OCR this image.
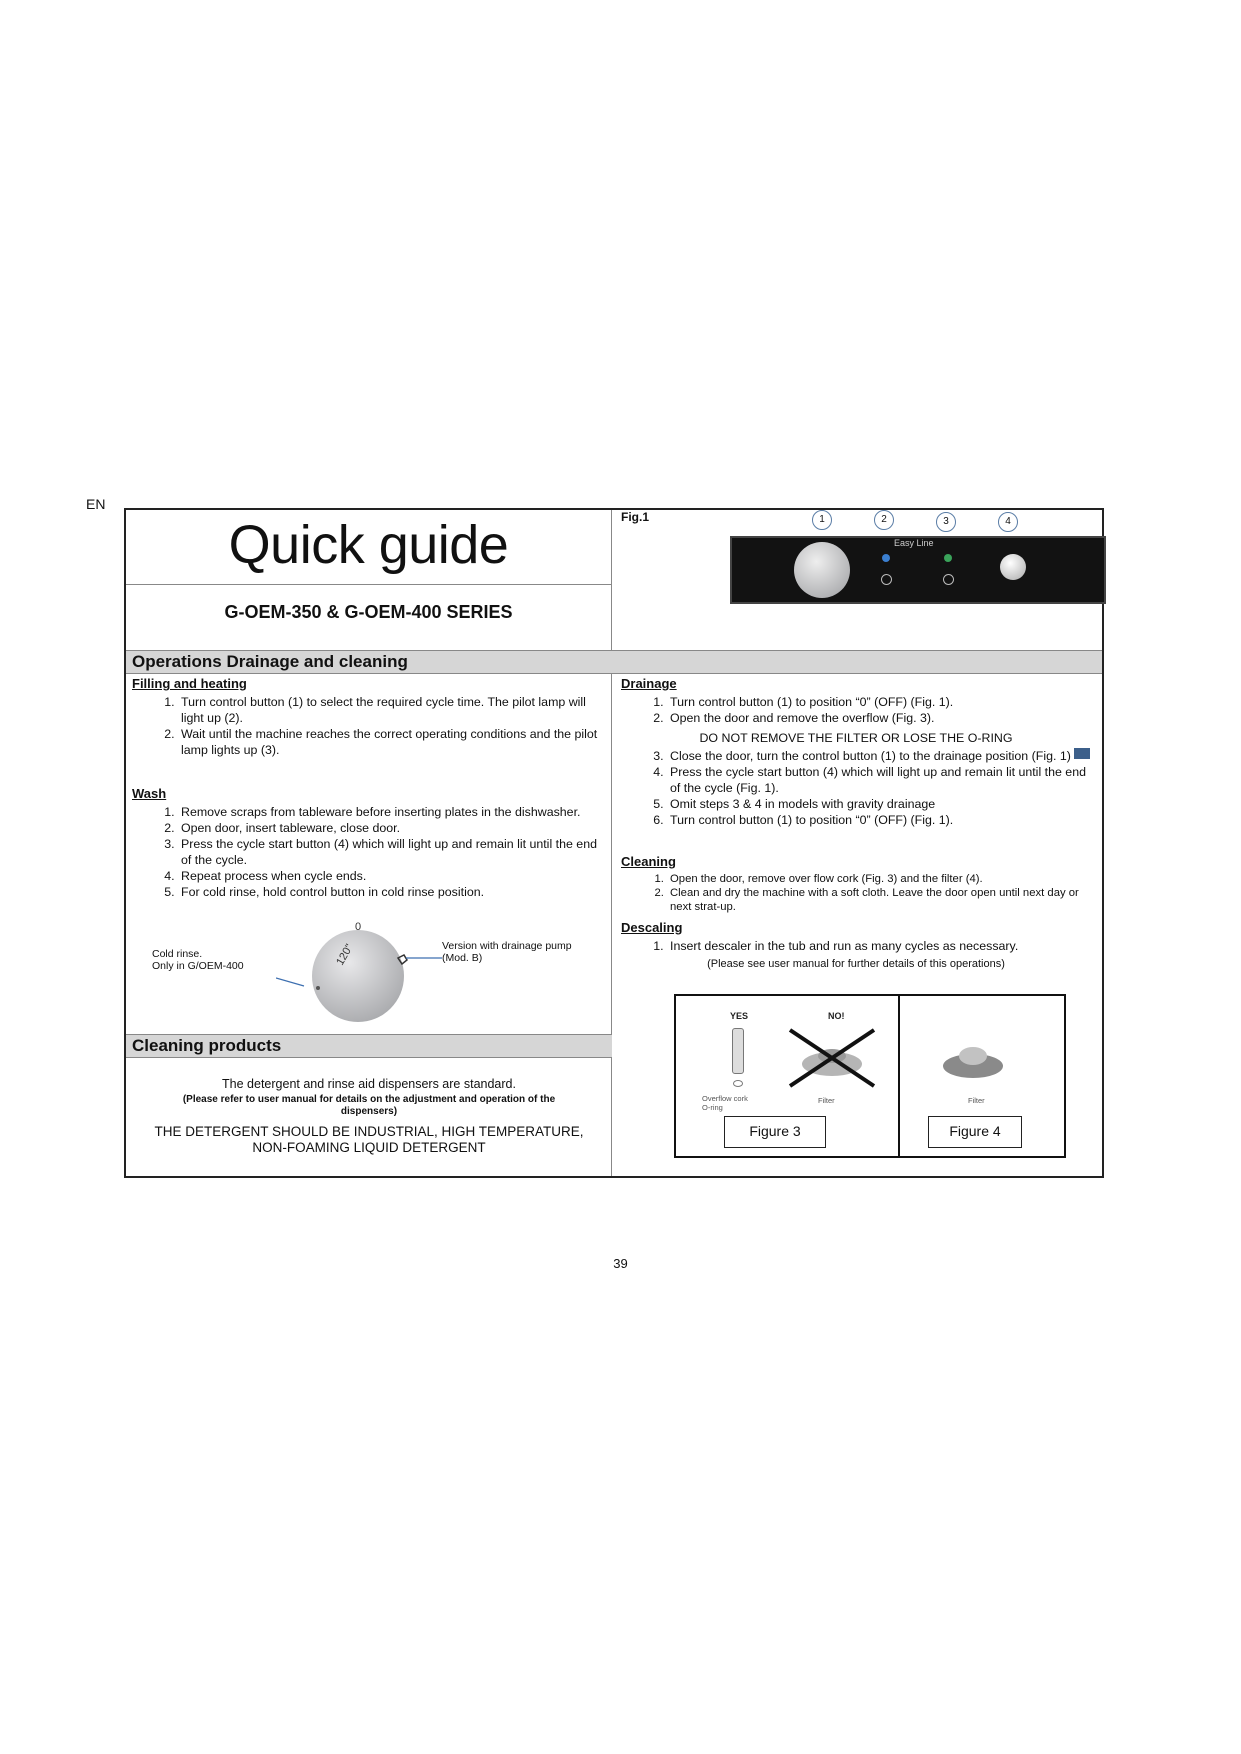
EN
Quick guide
G-OEM-350 & G-OEM-400 SERIES
Operations Drainage and cleaning
Filling and heating
1. Turn control button (1) to select the required cycle time. The pilot lamp will light up (2).
2. Wait until the machine reaches the correct operating conditions and the pilot lamp lights up (3).
Wash
1. Remove scraps from tableware before inserting plates in the dishwasher.
2. Open door, insert tableware, close door.
3. Press the cycle start button (4) which will light up and remain lit until the end of the cycle.
4. Repeat process when cycle ends.
5. For cold rinse, hold control button in cold rinse position.
Cold rinse.
Only in G/OEM-400
Version with drainage pump
(Mod. B)
120"
0
Cleaning products
The detergent and rinse aid dispensers are standard.
(Please refer to user manual for details on the adjustment and operation of the dispensers)
THE DETERGENT SHOULD BE INDUSTRIAL, HIGH TEMPERATURE, NON-FOAMING LIQUID DETERGENT
Fig.1	1	2	3	4
Easy Line
Drainage
1. Turn control button (1) to position “0” (OFF) (Fig. 1).
2. Open the door and remove the overflow (Fig. 3).
DO NOT REMOVE THE FILTER OR LOSE THE O-RING
3. Close the door, turn the control button (1) to the drainage position (Fig. 1)
4. Press the cycle start button (4) which will light up and remain lit until the end of the cycle (Fig. 1).
5. Omit steps 3 & 4 in models with gravity drainage
6. Turn control button (1) to position “0” (OFF) (Fig. 1).
Cleaning
1. Open the door, remove over flow cork (Fig. 3) and the filter (4).
2. Clean and dry the machine with a soft cloth. Leave the door open until next day or next strat-up.
Descaling
1. Insert descaler in the tub and run as many cycles as necessary.
(Please see user manual for further details of this operations)
YES	NO!
Overflow cork
O-ring
Filter
Figure 3
Filter
Figure 4
39
